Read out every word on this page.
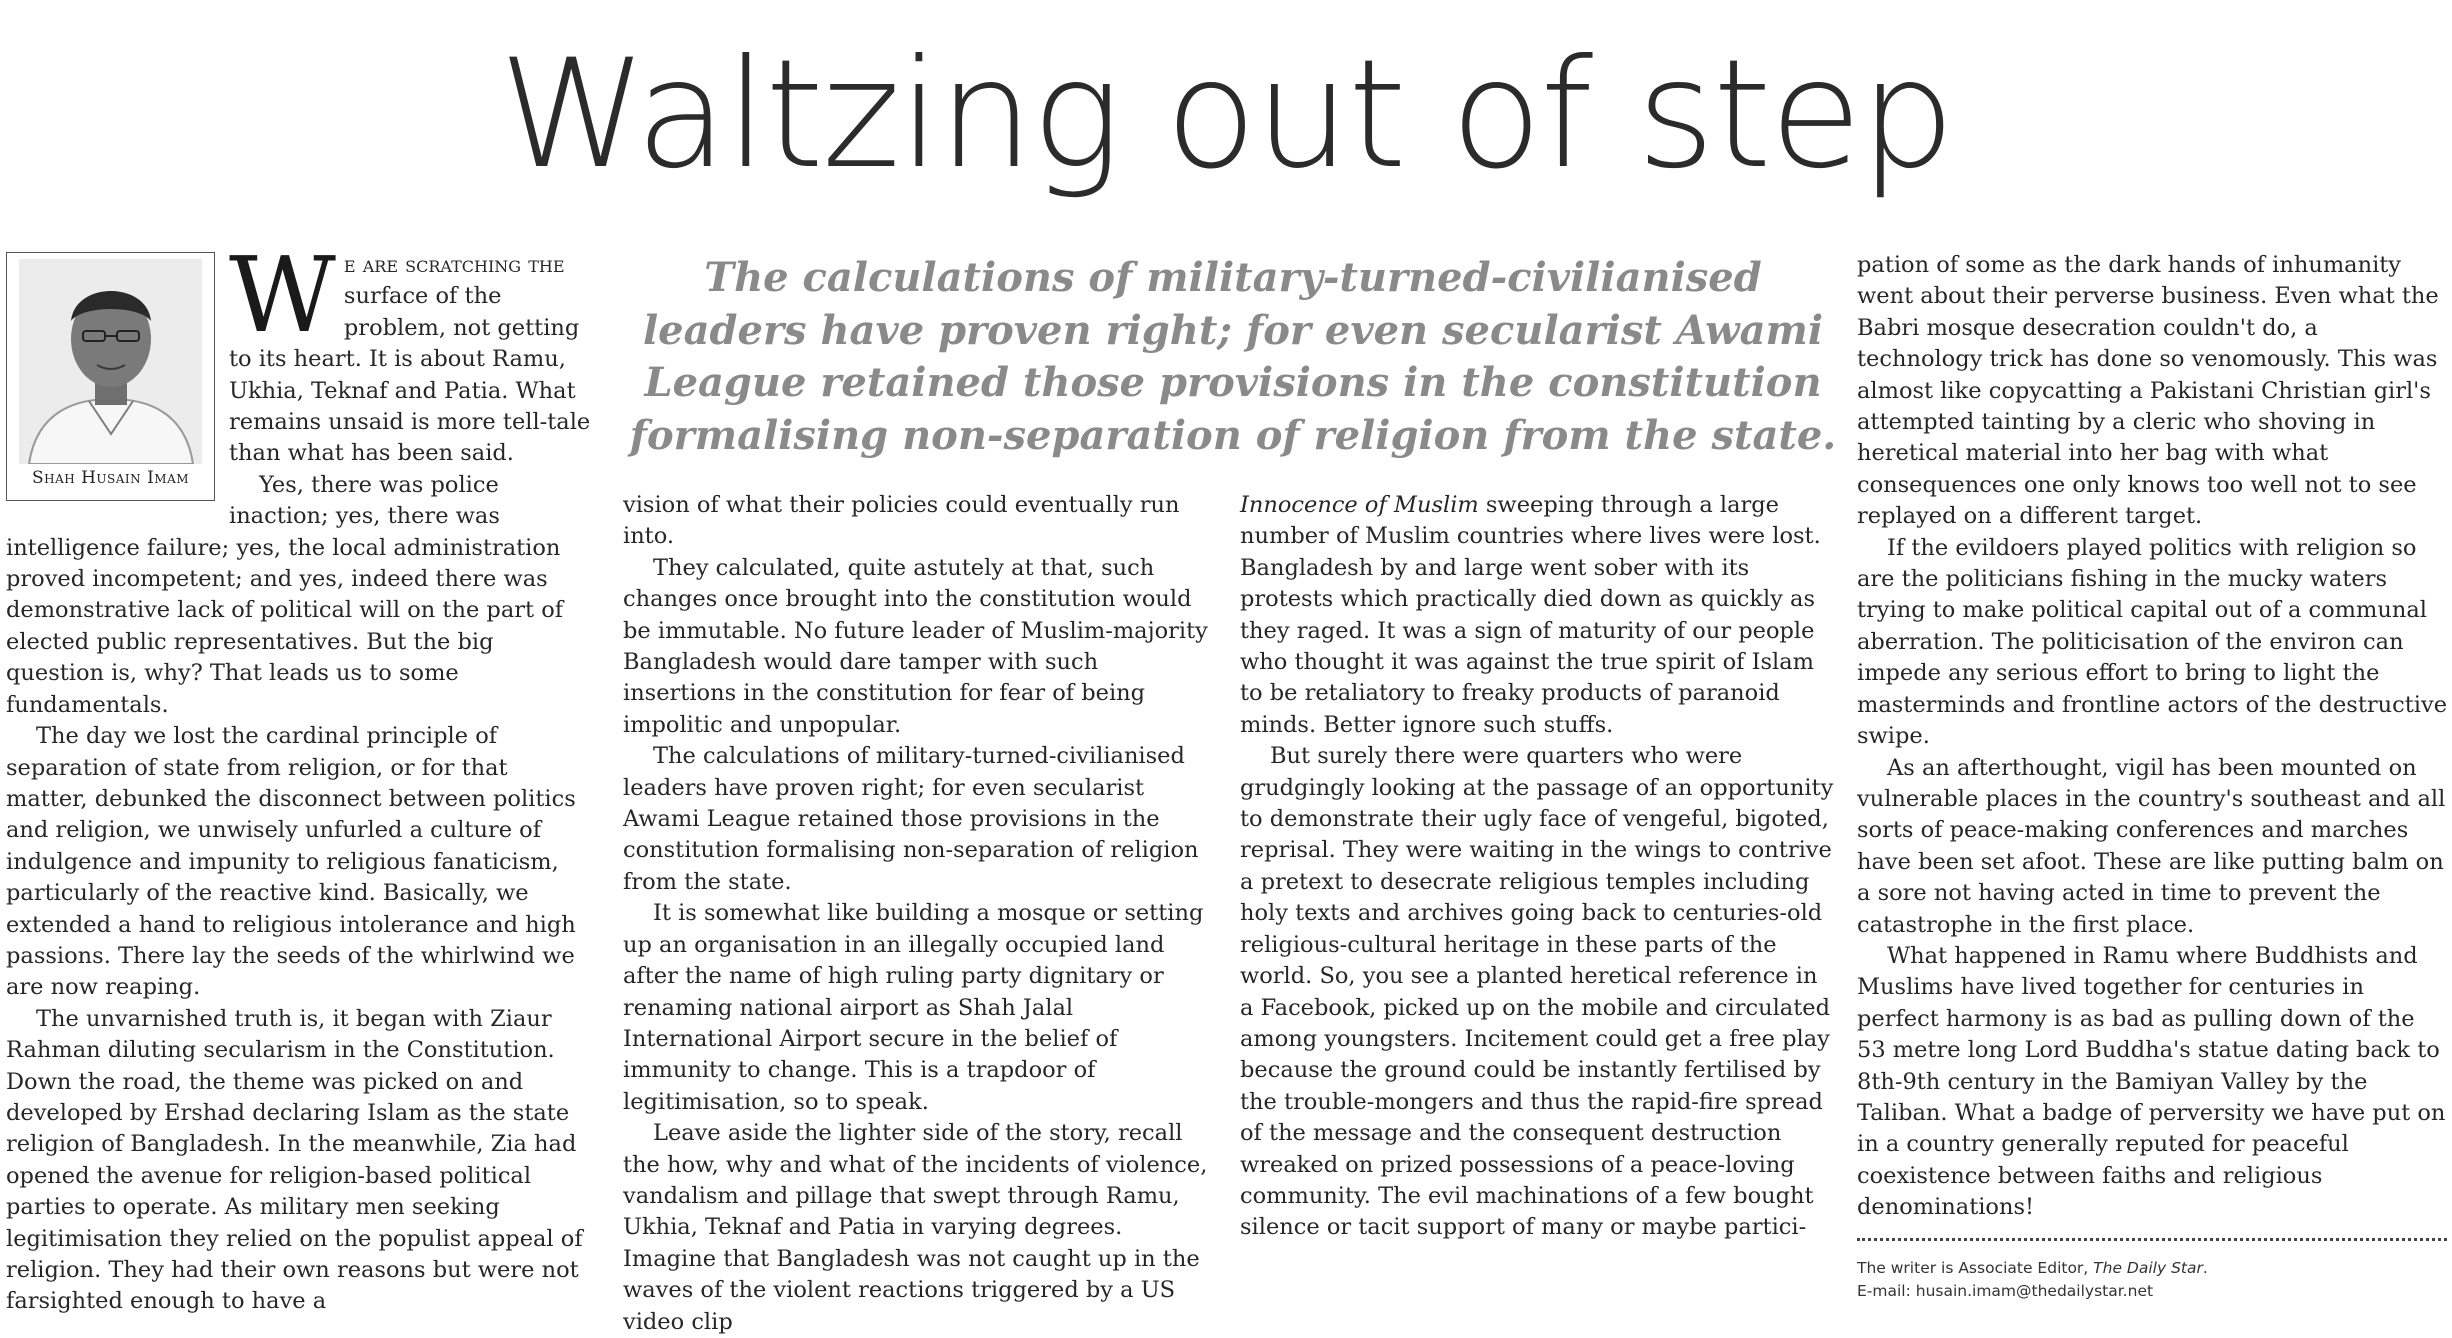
Waltzing out of step
Shah Husain Imam

We are scratching the surface of the problem, not getting to its heart. It is about Ramu, Ukhia, Teknaf and Patia. What remains unsaid is more tell-tale than what has been said.

Yes, there was police inaction; yes, there was intelligence failure; yes, the local administration proved incompetent; and yes, indeed there was demonstrative lack of political will on the part of elected public representatives. But the big question is, why? That leads us to some fundamentals.

The day we lost the cardinal principle of separation of state from religion, or for that matter, debunked the disconnect between politics and religion, we unwisely unfurled a culture of indulgence and impunity to religious fanaticism, particularly of the reactive kind. Basically, we extended a hand to religious intolerance and high passions. There lay the seeds of the whirlwind we are now reaping.

The unvarnished truth is, it began with Ziaur Rahman diluting secularism in the Constitution. Down the road, the theme was picked on and developed by Ershad declaring Islam as the state religion of Bangladesh. In the meanwhile, Zia had opened the avenue for religion-based political parties to operate. As military men seeking legitimisation they relied on the populist appeal of religion. They had their own reasons but were not farsighted enough to have a

The calculations of military-turned-civilianised leaders have proven right; for even secularist Awami League retained those provisions in the constitution formalising non-separation of religion from the state.

vision of what their policies could eventually run into.

They calculated, quite astutely at that, such changes once brought into the constitution would be immutable. No future leader of Muslim-majority Bangladesh would dare tamper with such insertions in the constitution for fear of being impolitic and unpopular.

The calculations of military-turned-civilianised leaders have proven right; for even secularist Awami League retained those provisions in the constitution formalising non-separation of religion from the state.

It is somewhat like building a mosque or setting up an organisation in an illegally occupied land after the name of high ruling party dignitary or renaming national airport as Shah Jalal International Airport secure in the belief of immunity to change. This is a trapdoor of legitimisation, so to speak.

Leave aside the lighter side of the story, recall the how, why and what of the incidents of violence, vandalism and pillage that swept through Ramu, Ukhia, Teknaf and Patia in varying degrees. Imagine that Bangladesh was not caught up in the waves of the violent reactions triggered by a US video clip

Innocence of Muslim sweeping through a large number of Muslim countries where lives were lost. Bangladesh by and large went sober with its protests which practically died down as quickly as they raged. It was a sign of maturity of our people who thought it was against the true spirit of Islam to be retaliatory to freaky products of paranoid minds. Better ignore such stuffs.

But surely there were quarters who were grudgingly looking at the passage of an opportunity to demonstrate their ugly face of vengeful, bigoted, reprisal. They were waiting in the wings to contrive a pretext to desecrate religious temples including holy texts and archives going back to centuries-old religious-cultural heritage in these parts of the world. So, you see a planted heretical reference in a Facebook, picked up on the mobile and circulated among youngsters. Incitement could get a free play because the ground could be instantly fertilised by the trouble-mongers and thus the rapid-fire spread of the message and the consequent destruction wreaked on prized possessions of a peace-loving community. The evil machinations of a few bought silence or tacit support of many or maybe partici-

pation of some as the dark hands of inhumanity went about their perverse business. Even what the Babri mosque desecration couldn't do, a technology trick has done so venomously. This was almost like copycatting a Pakistani Christian girl's attempted tainting by a cleric who shoving in heretical material into her bag with what consequences one only knows too well not to see replayed on a different target.

If the evildoers played politics with religion so are the politicians fishing in the mucky waters trying to make political capital out of a communal aberration. The politicisation of the environ can impede any serious effort to bring to light the masterminds and frontline actors of the destructive swipe.

As an afterthought, vigil has been mounted on vulnerable places in the country's southeast and all sorts of peace-making conferences and marches have been set afoot. These are like putting balm on a sore not having acted in time to prevent the catastrophe in the first place.

What happened in Ramu where Buddhists and Muslims have lived together for centuries in perfect harmony is as bad as pulling down of the 53 metre long Lord Buddha's statue dating back to 8th-9th century in the Bamiyan Valley by the Taliban. What a badge of perversity we have put on in a country generally reputed for peaceful coexistence between faiths and religious denominations!

The writer is Associate Editor, The Daily Star.
E-mail: husain.imam@thedailystar.net
